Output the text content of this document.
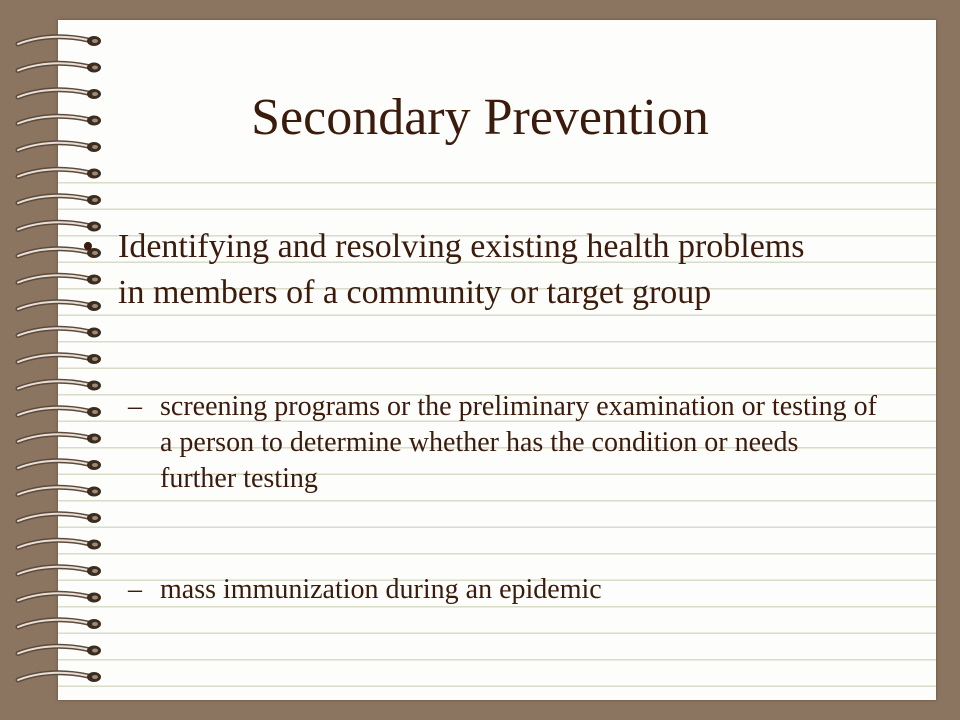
Secondary Prevention
• Identifying and resolving existing health problems in members of a community or target group
– screening programs or the preliminary examination or testing of a person to determine whether has the condition or needs further testing
– mass immunization during an epidemic
